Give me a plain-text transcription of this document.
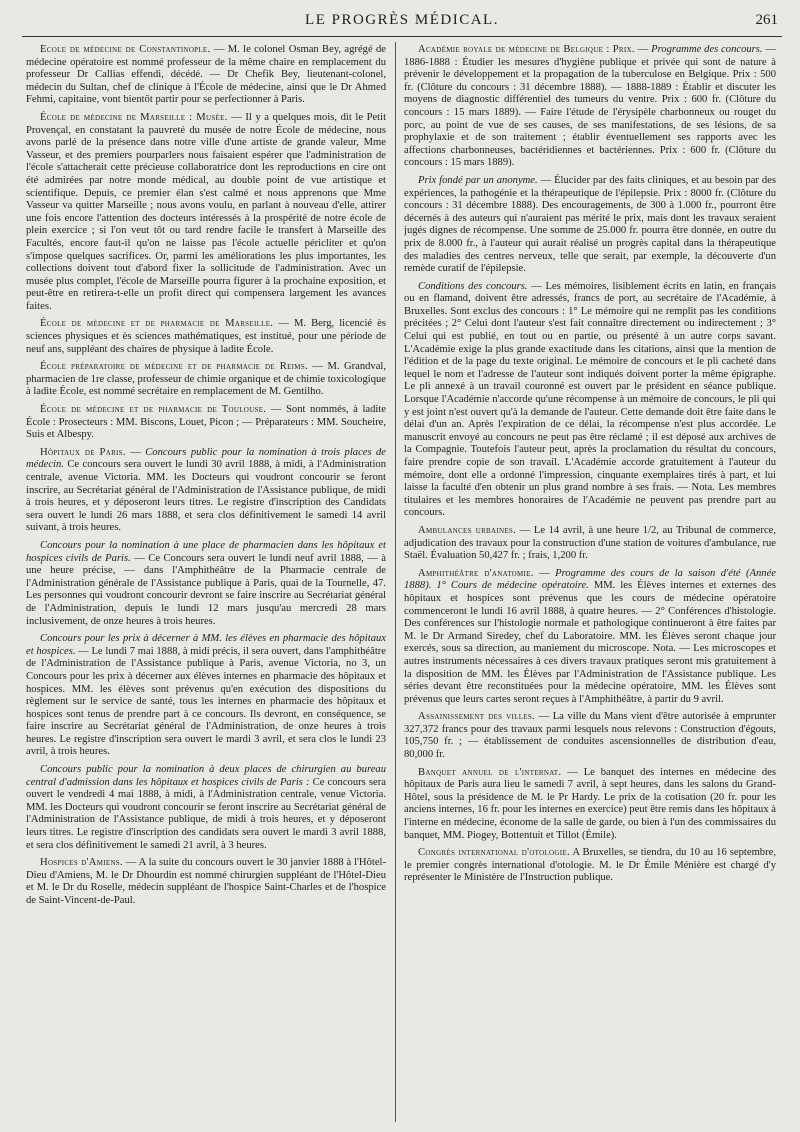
LE PROGRÈS MÉDICAL.	261

École de médecine de Constantinople. — M. le colonel Osman Bey, agrégé de médecine opératoire est nommé professeur de la même chaire en remplacement du professeur Dr Callias effendi, décédé. — Dr Chefik Bey, lieutenant-colonel, médecin du Sultan, chef de clinique à l'École de médecine, ainsi que le Dr Ahmed Fehmi, capitaine, vont bientôt partir pour se perfectionner à Paris.

École de médecine de Marseille : Musée. — Il y a quelques mois, dit le Petit Provençal, en constatant la pauvreté du musée de notre École de médecine, nous avons parlé de la présence dans notre ville d'une artiste de grande valeur, Mme Vasseur, et des premiers pourparlers nous faisaient espérer que l'administration de l'école s'attacherait cette précieuse collaboratrice dont les reproductions en cire ont été admirées par notre monde médical, au double point de vue artistique et scientifique. Depuis, ce premier élan s'est calmé et nous apprenons que Mme Vasseur va quitter Marseille ; nous avons voulu, en parlant à nouveau d'elle, attirer une fois encore l'attention des docteurs intéressés à la prospérité de notre école de plein exercice ; si l'on veut tôt ou tard rendre facile le transfert à Marseille des Facultés, encore faut-il qu'on ne laisse pas l'école actuelle péricliter et qu'on s'impose quelques sacrifices. Or, parmi les améliorations les plus importantes, les collections doivent tout d'abord fixer la sollicitude de l'administration. Avec un musée plus complet, l'école de Marseille pourra figurer à la prochaine exposition, et peut-être en retirera-t-elle un profit direct qui compensera largement les avances faites.

École de médecine et de pharmacie de Marseille. — M. Berg, licencié ès sciences physiques et ès sciences mathématiques, est institué, pour une période de neuf ans, suppléant des chaires de physique à ladite École.

École préparatoire de médecine et de pharmacie de Reims. — M. Grandval, pharmacien de 1re classe, professeur de chimie organique et de chimie toxicologique à ladite École, est nommé secrétaire en remplacement de M. Gentilho.

École de médecine et de pharmacie de Toulouse. — Sont nommés, à ladite École : Prosecteurs : MM. Biscons, Louet, Picon ; — Préparateurs : MM. Soucheire, Suis et Albespy.

Hôpitaux de Paris. — Concours public pour la nomination à trois places de médecin. Ce concours sera ouvert le lundi 30 avril 1888, à midi, à l'Administration centrale, avenue Victoria. MM. les Docteurs qui voudront concourir se feront inscrire, au Secrétariat général de l'Administration de l'Assistance publique, de midi à trois heures, et y déposeront leurs titres. Le registre d'inscription des Candidats sera ouvert le lundi 26 mars 1888, et sera clos définitivement le samedi 14 avril suivant, à trois heures.

Concours pour la nomination à une place de pharmacien dans les hôpitaux et hospices civils de Paris. — Ce Concours sera ouvert le lundi neuf avril 1888, — à une heure précise, — dans l'Amphithéâtre de la Pharmacie centrale de l'Administration générale de l'Assistance publique à Paris, quai de la Tournelle, 47. Les personnes qui voudront concourir devront se faire inscrire au Secrétariat général de l'Administration, depuis le lundi 12 mars jusqu'au mercredi 28 mars inclusivement, de onze heures à trois heures.

Concours pour les prix à décerner à MM. les élèves en pharmacie des hôpitaux et hospices. — Le lundi 7 mai 1888, à midi précis, il sera ouvert, dans l'amphithéâtre de l'Administration de l'Assistance publique à Paris, avenue Victoria, no 3, un Concours pour les prix à décerner aux élèves internes en pharmacie des hôpitaux et hospices. MM. les élèves sont prévenus qu'en exécution des dispositions du règlement sur le service de santé, tous les internes en pharmacie des hôpitaux et hospices sont tenus de prendre part à ce concours. Ils devront, en conséquence, se faire inscrire au Secrétariat général de l'Administration, de onze heures à trois heures. Le registre d'inscription sera ouvert le mardi 3 avril, et sera clos le lundi 23 avril, à trois heures.

Concours public pour la nomination à deux places de chirurgien au bureau central d'admission dans les hôpitaux et hospices civils de Paris : Ce concours sera ouvert le vendredi 4 mai 1888, à midi, à l'Administration centrale, venue Victoria. MM. les Docteurs qui voudront concourir se feront inscrire au Secrétariat général de l'Administration de l'Assistance publique, de midi à trois heures, et y déposeront leurs titres. Le registre d'inscription des candidats sera ouvert le mardi 3 avril 1888, et sera clos définitivement le samedi 21 avril, à 3 heures.

Hospices d'Amiens. — A la suite du concours ouvert le 30 janvier 1888 à l'Hôtel-Dieu d'Amiens, M. le Dr Dhourdin est nommé chirurgien suppléant de l'Hôtel-Dieu et M. le Dr du Roselle, médecin suppléant de l'hospice Saint-Charles et de l'hospice de Saint-Vincent-de-Paul.

Académie royale de médecine de Belgique : Prix. — Programme des concours. — 1886-1888 : Étudier les mesures d'hygiène publique et privée qui sont de nature à prévenir le développement et la propagation de la tuberculose en Belgique. Prix : 500 fr. (Clôture du concours : 31 décembre 1888). — 1888-1889 : Établir et discuter les moyens de diagnostic différentiel des tumeurs du ventre. Prix : 600 fr. (Clôture du concours : 15 mars 1889). — Faire l'étude de l'érysipèle charbonneux ou rouget du porc, au point de vue de ses causes, de ses manifestations, de ses lésions, de sa prophylaxie et de son traitement ; établir éventuellement ses rapports avec les affections charbonneuses, bactéridiennes et bactériennes. Prix : 600 fr. (Clôture du concours : 15 mars 1889).

Prix fondé par un anonyme. — Élucider par des faits cliniques, et au besoin par des expériences, la pathogénie et la thérapeutique de l'épilepsie. Prix : 8000 fr. (Clôture du concours : 31 décembre 1888). Des encouragements, de 300 à 1.000 fr., pourront être décernés à des auteurs qui n'auraient pas mérité le prix, mais dont les travaux seraient jugés dignes de récompense. Une somme de 25.000 fr. pourra être donnée, en outre du prix de 8.000 fr., à l'auteur qui aurait réalisé un progrès capital dans la thérapeutique des maladies des centres nerveux, telle que serait, par exemple, la découverte d'un remède curatif de l'épilepsie.

Conditions des concours. — Les mémoires, lisiblement écrits en latin, en français ou en flamand, doivent être adressés, francs de port, au secrétaire de l'Académie, à Bruxelles. Sont exclus des concours : 1° Le mémoire qui ne remplit pas les conditions précitées ; 2° Celui dont l'auteur s'est fait connaître directement ou indirectement ; 3° Celui qui est publié, en tout ou en partie, ou présenté à un autre corps savant. L'Académie exige la plus grande exactitude dans les citations, ainsi que la mention de l'édition et de la page du texte original. Le mémoire de concours et le pli cacheté dans lequel le nom et l'adresse de l'auteur sont indiqués doivent porter la même épigraphe. Le pli annexé à un travail couronné est ouvert par le président en séance publique. Lorsque l'Académie n'accorde qu'une récompense à un mémoire de concours, le pli qui y est joint n'est ouvert qu'à la demande de l'auteur. Cette demande doit être faite dans le délai d'un an. Après l'expiration de ce délai, la récompense n'est plus accordée. Le manuscrit envoyé au concours ne peut pas être réclamé ; il est déposé aux archives de la Compagnie. Toutefois l'auteur peut, après la proclamation du résultat du concours, faire prendre copie de son travail. L'Académie accorde gratuitement à l'auteur du mémoire, dont elle a ordonné l'impression, cinquante exemplaires tirés à part, et lui laisse la faculté d'en obtenir un plus grand nombre à ses frais. — Nota. Les membres titulaires et les membres honoraires de l'Académie ne peuvent pas prendre part au concours.

Ambulances urbaines. — Le 14 avril, à une heure 1/2, au Tribunal de commerce, adjudication des travaux pour la construction d'une station de voitures d'ambulance, rue Staël. Évaluation 50,427 fr. ; frais, 1,200 fr.

Amphithéâtre d'anatomie. — Programme des cours de la saison d'été (Année 1888). 1° Cours de médecine opératoire. MM. les Élèves internes et externes des hôpitaux et hospices sont prévenus que les cours de médecine opératoire commenceront le lundi 16 avril 1888, à quatre heures. — 2° Conférences d'histologie. Des conférences sur l'histologie normale et pathologique continueront à être faites par M. le Dr Armand Siredey, chef du Laboratoire. MM. les Élèves seront chaque jour exercés, sous sa direction, au maniement du microscope. Nota. — Les microscopes et autres instruments nécessaires à ces divers travaux pratiques seront mis gratuitement à la disposition de MM. les Élèves par l'Administration de l'Assistance publique. Les séries devant être reconstituées pour la médecine opératoire, MM. les Élèves sont prévenus que leurs cartes seront reçues à l'Amphithéâtre, à partir du 9 avril.

Assainissement des villes. — La ville du Mans vient d'être autorisée à emprunter 327,372 francs pour des travaux parmi lesquels nous relevons : Construction d'égouts, 105,750 fr. ; — établissement de conduites ascensionnelles de distribution d'eau, 80,000 fr.

Banquet annuel de l'internat. — Le banquet des internes en médecine des hôpitaux de Paris aura lieu le samedi 7 avril, à sept heures, dans les salons du Grand-Hôtel, sous la présidence de M. le Pr Hardy. Le prix de la cotisation (20 fr. pour les anciens internes, 16 fr. pour les internes en exercice) peut être remis dans les hôpitaux à l'interne en médecine, économe de la salle de garde, ou bien à l'un des commissaires du banquet, MM. Piogey, Bottentuit et Tillot (Émile).

Congrès international d'otologie. A Bruxelles, se tiendra, du 10 au 16 septembre, le premier congrès international d'otologie. M. le Dr Émile Ménière est chargé d'y représenter le Ministère de l'Instruction publique.
